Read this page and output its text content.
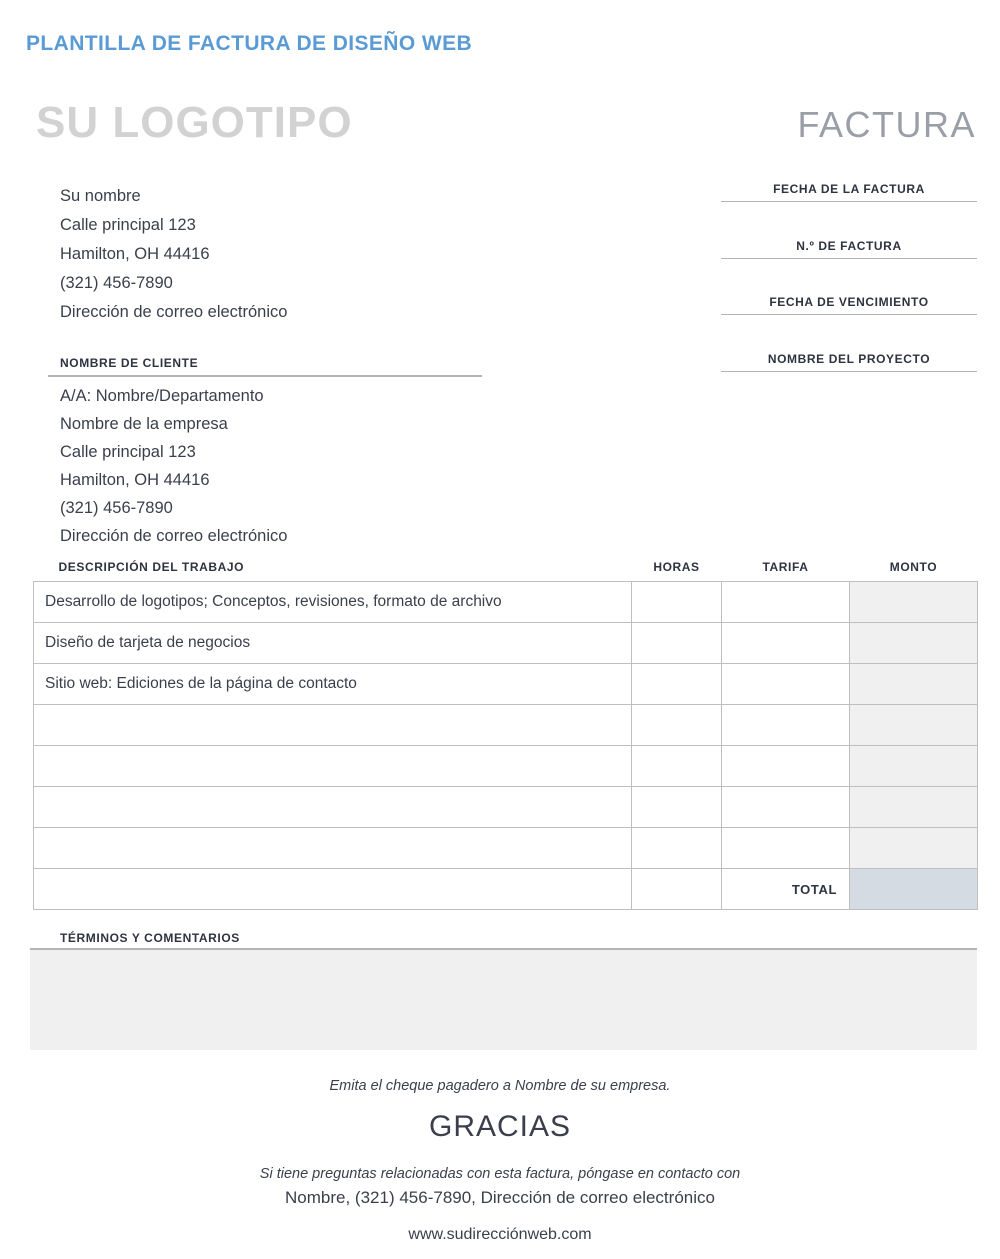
PLANTILLA DE FACTURA DE DISEÑO WEB
SU LOGOTIPO	FACTURA
Su nombre
Calle principal 123
Hamilton, OH 44416
(321) 456-7890
Dirección de correo electrónico
FECHA DE LA FACTURA
N.º DE FACTURA
FECHA DE VENCIMIENTO
NOMBRE DEL PROYECTO
NOMBRE DE CLIENTE
A/A: Nombre/Departamento
Nombre de la empresa
Calle principal 123
Hamilton, OH 44416
(321) 456-7890
Dirección de correo electrónico
DESCRIPCIÓN DEL TRABAJO	HORAS	TARIFA	MONTO
Desarrollo de logotipos; Conceptos, revisiones, formato de archivo			
Diseño de tarjeta de negocios			
Sitio web: Ediciones de la página de contacto			

		TOTAL	
TÉRMINOS Y COMENTARIOS
Emita el cheque pagadero a Nombre de su empresa.
GRACIAS
Si tiene preguntas relacionadas con esta factura, póngase en contacto con
Nombre, (321) 456-7890, Dirección de correo electrónico
www.sudirecciónweb.com
